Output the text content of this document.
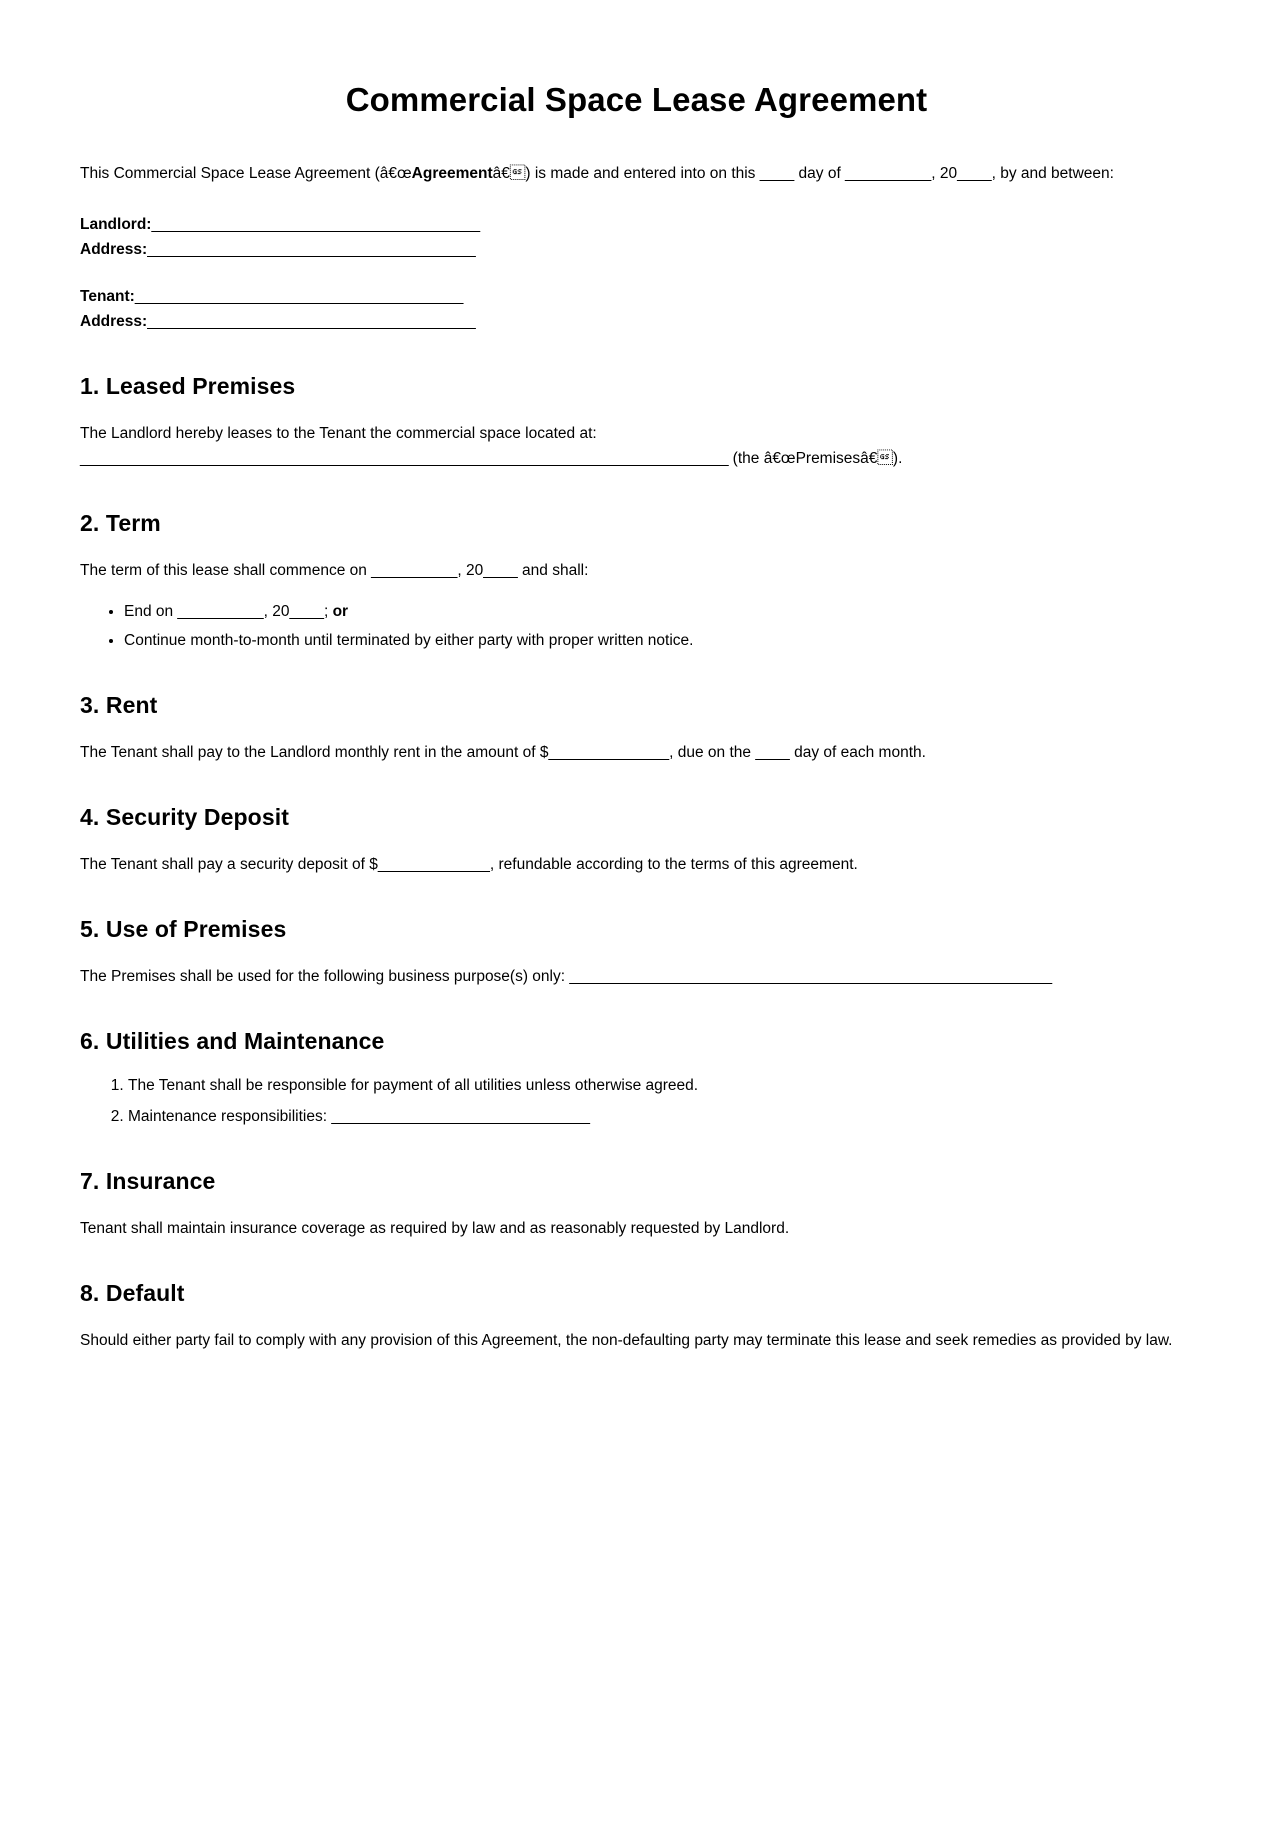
Commercial Space Lease Agreement

This Commercial Space Lease Agreement (â€œAgreementâ€) is made and entered into on this ____ day of __________, 20____, by and between:

Landlord:_______________________________________
Address:_______________________________________
Tenant:_______________________________________
Address:_______________________________________
1. Leased Premises

The Landlord hereby leases to the Tenant the commercial space located at:

_____________________________________________________________________________ (the â€œPremisesâ€).

2. Term

The term of this lease shall commence on __________, 20____ and shall:

• End on __________, 20____; or
• Continue month-to-month until terminated by either party with proper written notice.
3. Rent

The Tenant shall pay to the Landlord monthly rent in the amount of $______________, due on the ____ day of each month.

4. Security Deposit

The Tenant shall pay a security deposit of $_____________, refundable according to the terms of this agreement.

5. Use of Premises

The Premises shall be used for the following business purpose(s) only: ________________________________________________________

6. Utilities and Maintenance
1. The Tenant shall be responsible for payment of all utilities unless otherwise agreed.
2. Maintenance responsibilities: ______________________________
7. Insurance

Tenant shall maintain insurance coverage as required by law and as reasonably requested by Landlord.

8. Default

Should either party fail to comply with any provision of this Agreement, the non-defaulting party may terminate this lease and seek remedies as provided by law.
